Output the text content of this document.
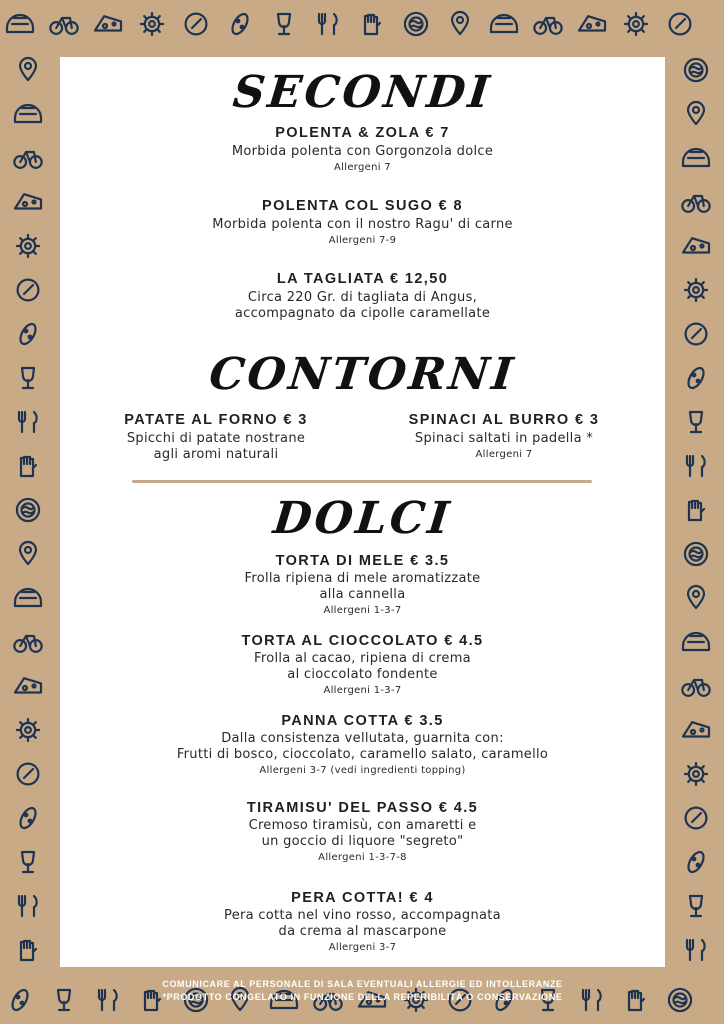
SECONDI
POLENTA & ZOLA € 7
Morbida polenta con Gorgonzola dolce
Allergeni 7
POLENTA COL SUGO € 8
Morbida polenta con il nostro Ragu' di carne
Allergeni 7-9
LA TAGLIATA € 12,50
Circa 220 Gr. di tagliata di Angus,
accompagnato da cipolle caramellate
CONTORNI
PATATE AL FORNO € 3
Spicchi di patate nostrane
agli aromi naturali
SPINACI AL BURRO € 3
Spinaci saltati in padella *
Allergeni 7
DOLCI
TORTA DI MELE € 3.5
Frolla ripiena di mele aromatizzate
alla cannella
Allergeni 1-3-7
TORTA AL CIOCCOLATO € 4.5
Frolla al cacao, ripiena di crema
al cioccolato fondente
Allergeni 1-3-7
PANNA COTTA € 3.5
Dalla consistenza vellutata, guarnita con:
Frutti di bosco, cioccolato, caramello salato, caramello
Allergeni 3-7 (vedi ingredienti topping)
TIRAMISU' DEL PASSO € 4.5
Cremoso tiramisù, con amaretti e
un goccio di liquore "segreto"
Allergeni 1-3-7-8
PERA COTTA! € 4
Pera cotta nel vino rosso, accompagnata
da crema al mascarpone
Allergeni 3-7
COMUNICARE AL PERSONALE DI SALA EVENTUALI ALLERGIE ED INTOLLERANZE
*PRODOTTO CONGELATO IN FUNZIONE DELLA REPERIBILITÀ O CONSERVAZIONE
